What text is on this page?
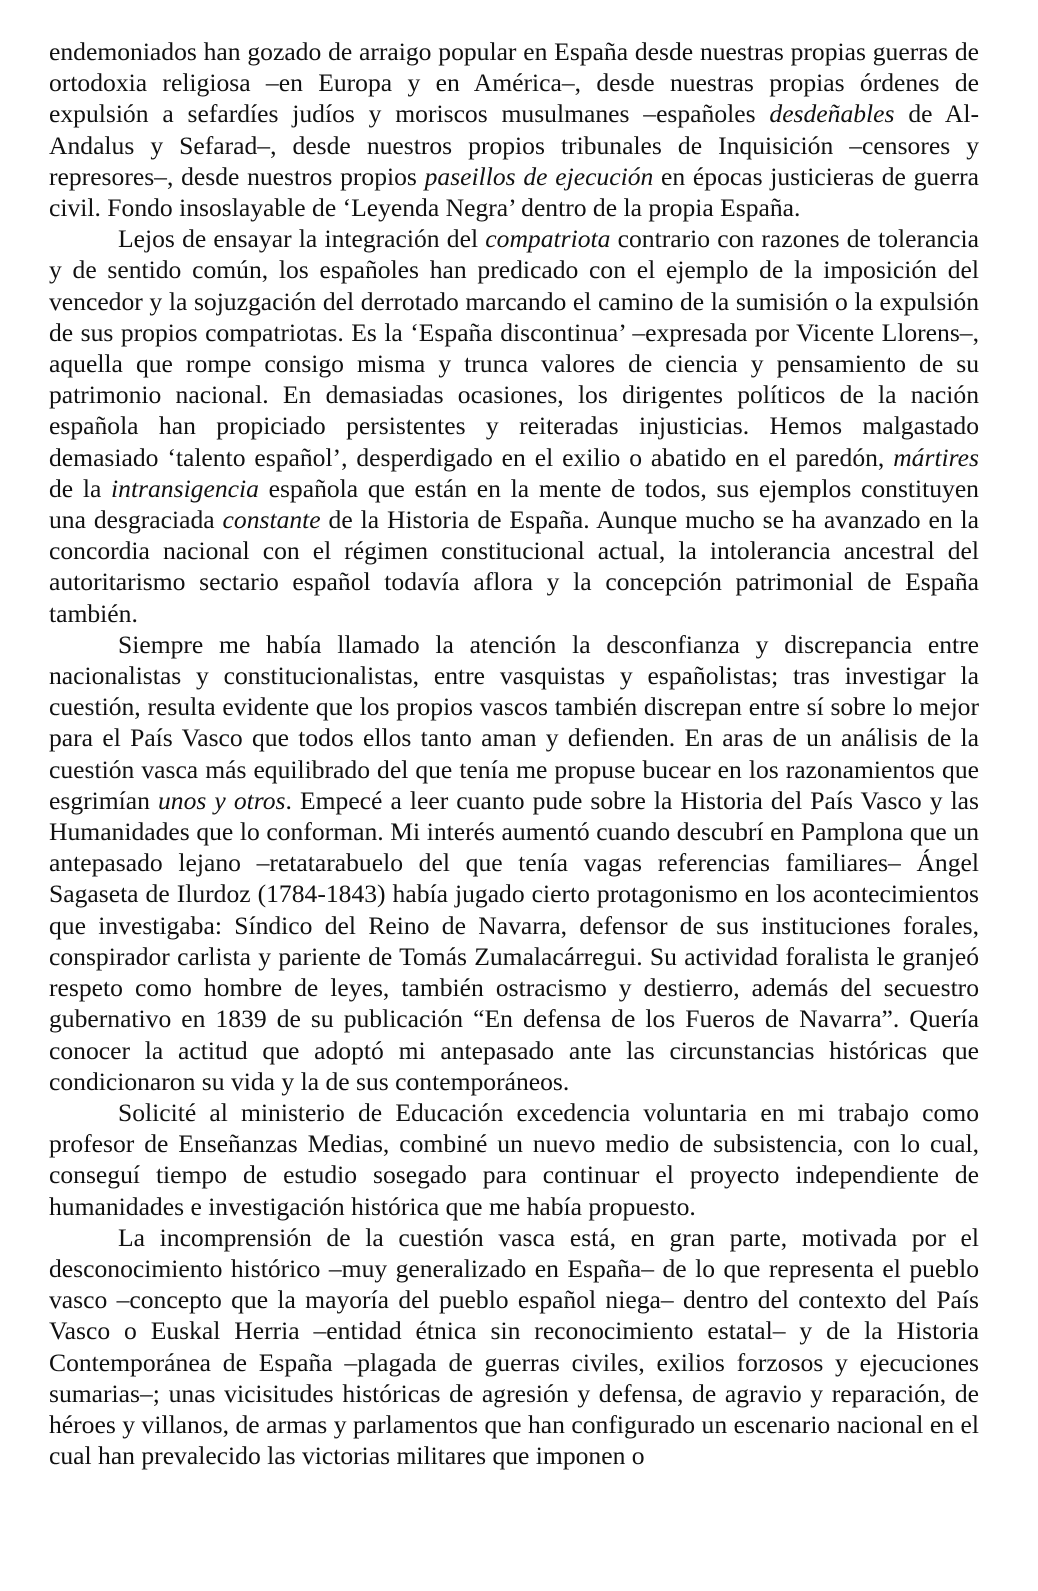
endemoniados han gozado de arraigo popular en España desde nuestras propias guerras de ortodoxia religiosa –en Europa y en América–, desde nuestras propias órdenes de expulsión a sefardíes judíos y moriscos musulmanes –españoles desdeñables de Al-Andalus y Sefarad–, desde nuestros propios tribunales de Inquisición –censores y represores–, desde nuestros propios paseillos de ejecución en épocas justicieras de guerra civil. Fondo insoslayable de ‘Leyenda Negra’ dentro de la propia España.

Lejos de ensayar la integración del compatriota contrario con razones de tolerancia y de sentido común, los españoles han predicado con el ejemplo de la imposición del vencedor y la sojuzgación del derrotado marcando el camino de la sumisión o la expulsión de sus propios compatriotas. Es la ‘España discontinua’ –expresada por Vicente Llorens–, aquella que rompe consigo misma y trunca valores de ciencia y pensamiento de su patrimonio nacional. En demasiadas ocasiones, los dirigentes políticos de la nación española han propiciado persistentes y reiteradas injusticias. Hemos malgastado demasiado ‘talento español’, desperdigado en el exilio o abatido en el paredón, mártires de la intransigencia española que están en la mente de todos, sus ejemplos constituyen una desgraciada constante de la Historia de España. Aunque mucho se ha avanzado en la concordia nacional con el régimen constitucional actual, la intolerancia ancestral del autoritarismo sectario español todavía aflora y la concepción patrimonial de España también.

Siempre me había llamado la atención la desconfianza y discrepancia entre nacionalistas y constitucionalistas, entre vasquistas y españolistas; tras investigar la cuestión, resulta evidente que los propios vascos también discrepan entre sí sobre lo mejor para el País Vasco que todos ellos tanto aman y defienden. En aras de un análisis de la cuestión vasca más equilibrado del que tenía me propuse bucear en los razonamientos que esgrimían unos y otros. Empecé a leer cuanto pude sobre la Historia del País Vasco y las Humanidades que lo conforman. Mi interés aumentó cuando descubrí en Pamplona que un antepasado lejano –retatarabuelo del que tenía vagas referencias familiares– Ángel Sagaseta de Ilurdoz (1784-1843) había jugado cierto protagonismo en los acontecimientos que investigaba: Síndico del Reino de Navarra, defensor de sus instituciones forales, conspirador carlista y pariente de Tomás Zumalacárregui. Su actividad foralista le granjeó respeto como hombre de leyes, también ostracismo y destierro, además del secuestro gubernativo en 1839 de su publicación “En defensa de los Fueros de Navarra”. Quería conocer la actitud que adoptó mi antepasado ante las circunstancias históricas que condicionaron su vida y la de sus contemporáneos.

Solicité al ministerio de Educación excedencia voluntaria en mi trabajo como profesor de Enseñanzas Medias, combiné un nuevo medio de subsistencia, con lo cual, conseguí tiempo de estudio sosegado para continuar el proyecto independiente de humanidades e investigación histórica que me había propuesto.

La incomprensión de la cuestión vasca está, en gran parte, motivada por el desconocimiento histórico –muy generalizado en España– de lo que representa el pueblo vasco –concepto que la mayoría del pueblo español niega– dentro del contexto del País Vasco o Euskal Herria –entidad étnica sin reconocimiento estatal– y de la Historia Contemporánea de España –plagada de guerras civiles, exilios forzosos y ejecuciones sumarias–; unas vicisitudes históricas de agresión y defensa, de agravio y reparación, de héroes y villanos, de armas y parlamentos que han configurado un escenario nacional en el cual han prevalecido las victorias militares que imponen o
